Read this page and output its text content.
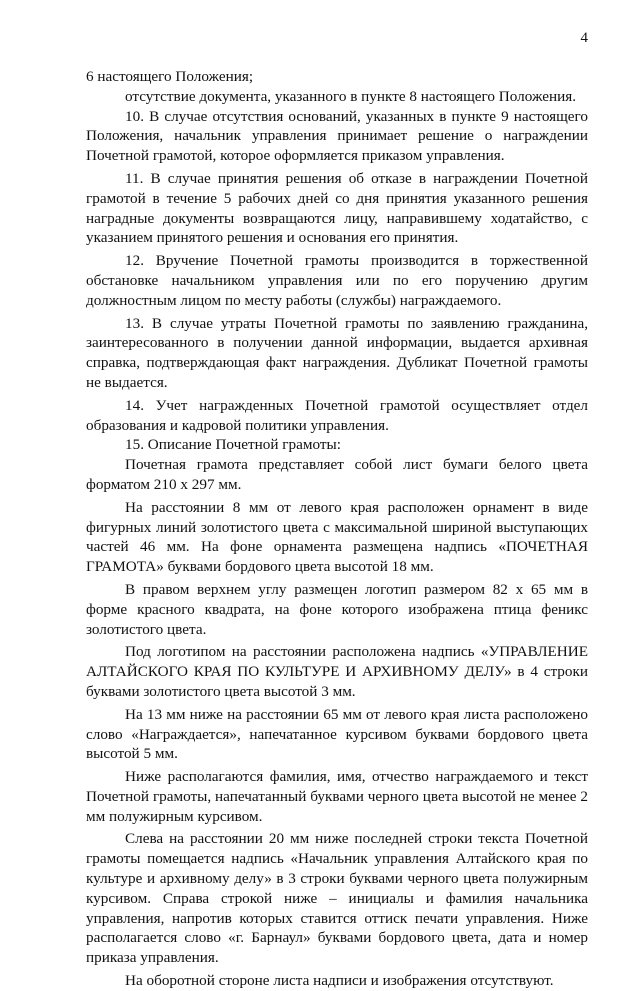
4

6 настоящего Положения;

отсутствие документа, указанного в пункте 8 настоящего Положения.

10. В случае отсутствия оснований, указанных в пункте 9 настоящего Положения, начальник управления принимает решение о награждении Почетной грамотой, которое оформляется приказом управления.

11. В случае принятия решения об отказе в награждении Почетной грамотой в течение 5 рабочих дней со дня принятия указанного решения наградные документы возвращаются лицу, направившему ходатайство, с указанием принятого решения и основания его принятия.

12. Вручение Почетной грамоты производится в торжественной обстановке начальником управления или по его поручению другим должностным лицом по месту работы (службы) награждаемого.

13. В случае утраты Почетной грамоты по заявлению гражданина, заинтересованного в получении данной информации, выдается архивная справка, подтверждающая факт награждения. Дубликат Почетной грамоты не выдается.

14. Учет награжденных Почетной грамотой осуществляет отдел образования и кадровой политики управления.

15. Описание Почетной грамоты:

Почетная грамота представляет собой лист бумаги белого цвета форматом 210 х 297 мм.

На расстоянии 8 мм от левого края расположен орнамент в виде фигурных линий золотистого цвета с максимальной шириной выступающих частей 46 мм. На фоне орнамента размещена надпись «ПОЧЕТНАЯ ГРАМОТА» буквами бордового цвета высотой 18 мм.

В правом верхнем углу размещен логотип размером 82 х 65 мм в форме красного квадрата, на фоне которого изображена птица феникс золотистого цвета.

Под логотипом на расстоянии расположена надпись «УПРАВЛЕНИЕ АЛТАЙСКОГО КРАЯ ПО КУЛЬТУРЕ И АРХИВНОМУ ДЕЛУ» в 4 строки буквами золотистого цвета высотой 3 мм.

На 13 мм ниже на расстоянии 65 мм от левого края листа расположено слово «Награждается», напечатанное курсивом буквами бордового цвета высотой 5 мм.

Ниже располагаются фамилия, имя, отчество награждаемого и текст Почетной грамоты, напечатанный буквами черного цвета высотой не менее 2 мм полужирным курсивом.

Слева на расстоянии 20 мм ниже последней строки текста Почетной грамоты помещается надпись «Начальник управления Алтайского края по культуре и архивному делу» в 3 строки буквами черного цвета полужирным курсивом. Справа строкой ниже – инициалы и фамилия начальника управления, напротив которых ставится оттиск печати управления. Ниже располагается слово «г. Барнаул» буквами бордового цвета, дата и номер приказа управления.

На оборотной стороне листа надписи и изображения отсутствуют.
